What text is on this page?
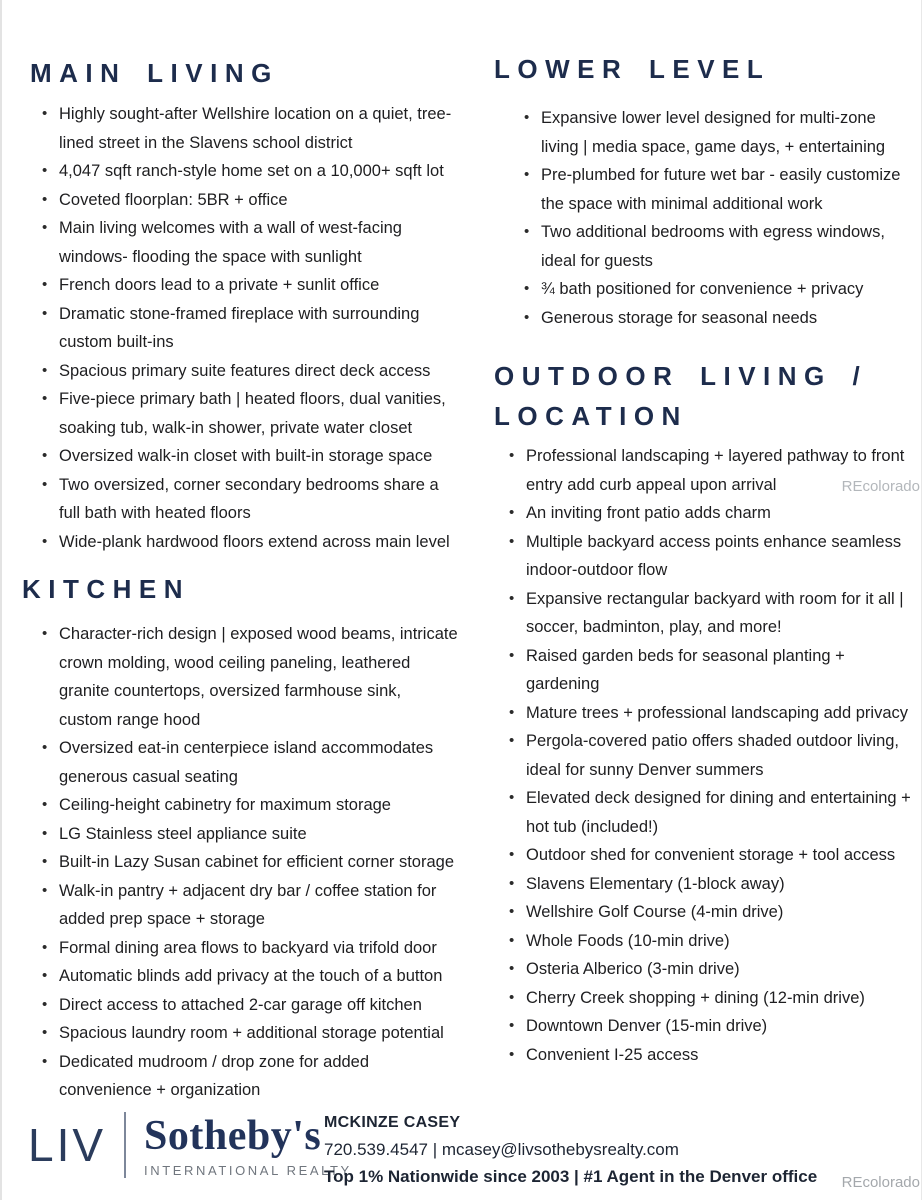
MAIN LIVING
• Highly sought-after Wellshire location on a quiet, tree-lined street in the Slavens school district
• 4,047 sqft ranch-style home set on a 10,000+ sqft lot
• Coveted floorplan: 5BR + office
• Main living welcomes with a wall of west-facing windows- flooding the space with sunlight
• French doors lead to a private + sunlit office
• Dramatic stone-framed fireplace with surrounding custom built-ins
• Spacious primary suite features direct deck access
• Five-piece primary bath | heated floors, dual vanities, soaking tub, walk-in shower, private water closet
• Oversized walk-in closet with built-in storage space
• Two oversized, corner secondary bedrooms share a full bath with heated floors
• Wide-plank hardwood floors extend across main level
KITCHEN
• Character-rich design | exposed wood beams, intricate crown molding, wood ceiling paneling, leathered granite countertops, oversized farmhouse sink, custom range hood
• Oversized eat-in centerpiece island accommodates generous casual seating
• Ceiling-height cabinetry for maximum storage
• LG Stainless steel appliance suite
• Built-in Lazy Susan cabinet for efficient corner storage
• Walk-in pantry + adjacent dry bar / coffee station for added prep space + storage
• Formal dining area flows to backyard via trifold door
• Automatic blinds add privacy at the touch of a button
• Direct access to attached 2-car garage off kitchen
• Spacious laundry room + additional storage potential
• Dedicated mudroom / drop zone for added convenience + organization
LOWER LEVEL
• Expansive lower level designed for multi-zone living | media space, game days, + entertaining
• Pre-plumbed for future wet bar - easily customize the space with minimal additional work
• Two additional bedrooms with egress windows, ideal for guests
• ¾ bath positioned for convenience + privacy
• Generous storage for seasonal needs
OUTDOOR LIVING / LOCATION
• Professional landscaping + layered pathway to front entry add curb appeal upon arrival
• An inviting front patio adds charm
• Multiple backyard access points enhance seamless indoor-outdoor flow
• Expansive rectangular backyard with room for it all | soccer, badminton, play, and more!
• Raised garden beds for seasonal planting + gardening
• Mature trees + professional landscaping add privacy
• Pergola-covered patio offers shaded outdoor living, ideal for sunny Denver summers
• Elevated deck designed for dining and entertaining + hot tub (included!)
• Outdoor shed for convenient storage + tool access
• Slavens Elementary (1-block away)
• Wellshire Golf Course (4-min drive)
• Whole Foods (10-min drive)
• Osteria Alberico (3-min drive)
• Cherry Creek shopping + dining (12-min drive)
• Downtown Denver (15-min drive)
• Convenient I-25 access
LIV Sotheby's
INTERNATIONAL REALTY
MCKINZE CASEY
720.539.4547 | mcasey@livsothebysrealty.com
Top 1% Nationwide since 2003 | #1 Agent in the Denver office
REcolorado
REcolorado
